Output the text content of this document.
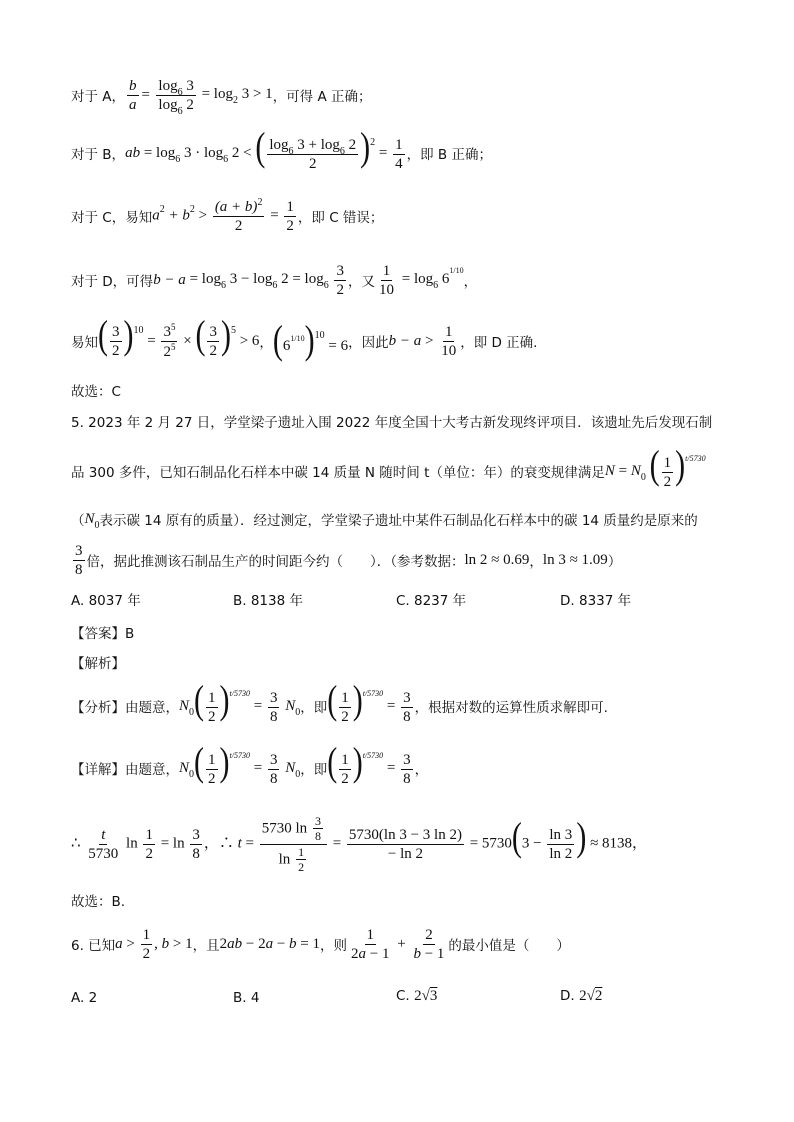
对于 A， $\frac{b}{a} = \frac{\log_6 3}{\log_6 2} = \log_2 3 > 1$ ，可得 A 正确；
对于 B， ab = $\log_6 3 \cdot \log_6 2$ < ( $\frac{\log_6 3 + \log_6 2}{2} )^2 = \frac{1}{4}$ ，即 B 正确；
对于 C，易知 $a^2 + b^2 > \frac{(a + b)^2}{2} = \frac{1}{2}$ ，即 C 错误；
对于 D，可得 $b - a = \log_6 3 - \log_6 2 = \log_6 \frac{3}{2}$ ，又 $\frac{1}{10} = \log_6 6^{1/10}$
，
易知 ( $\frac{3}{2} )^{10} = \frac{3^5}{2^5}$ × ( $\frac{3}{2} )^5 > 6$ ， $(6^{1/10})^{10} = 6$ ，因此 $b - a > \frac{1}{10}$ ，即 D 正确.
故选：C
5. 2023 年 2 月 27 日，学堂梁子遗址入围 2022 年度全国十大考古新发现终评项目．该遗址先后发现石制
品 300 多件，已知石制品化石样本中碳 14 质量 N 随时间 t（单位：年）的衰变规律满足 $N = N_0$ ( $\frac{1}{2} )^{t/5730}$
（ $N_0$ 表示碳 14 原有的质量）．经过测定，学堂梁子遗址中某件石制品化石样本中的碳 14 质量约是原来的
$\frac{3}{8}$ 倍，据此推测该石制品生产的时间距今约（　　）．（参考数据： ln 2 ≈ 0.69 ， ln 3 ≈ 1.09 ）
A. 8037 年	B. 8138 年	C. 8237 年	D. 8337 年
【答案】B
【解析】
【分析】由题意， $N_0( \frac{1}{2} )^{t/5730} = \frac{3}{8} N_0$ ，即 ( $\frac{1}{2} )^{t/5730} = \frac{3}{8}$ ，根据对数的运算性质求解即可.
【详解】由题意， $N_0( \frac{1}{2} )^{t/5730} = \frac{3}{8} N_0$ ，即 ( $\frac{1}{2} )^{t/5730} = \frac{3}{8}$ ，
∴ $\frac{t}{5730}$ $\ln \frac{1}{2} = \ln \frac{3}{8}$ ，∴ $t = \frac{5730 \ln \frac{3}{8}}{\ln \frac{1}{2}} = \frac{5730(\ln 3 - 3 \ln 2)}{- \ln 2} = 5730(3 - \frac{\ln 3}{\ln 2}$ ) ≈ 8138，
故选：B.
6. 已知 $a > \frac{1}{2}$ , b > 1 ，且 2ab − 2a − b = 1 ，则 $\frac{1}{2a - 1} + \frac{2}{b - 1}$ 的最小值是（　　）
A. 2	B. 4	C. 2√3	D. 2√2
